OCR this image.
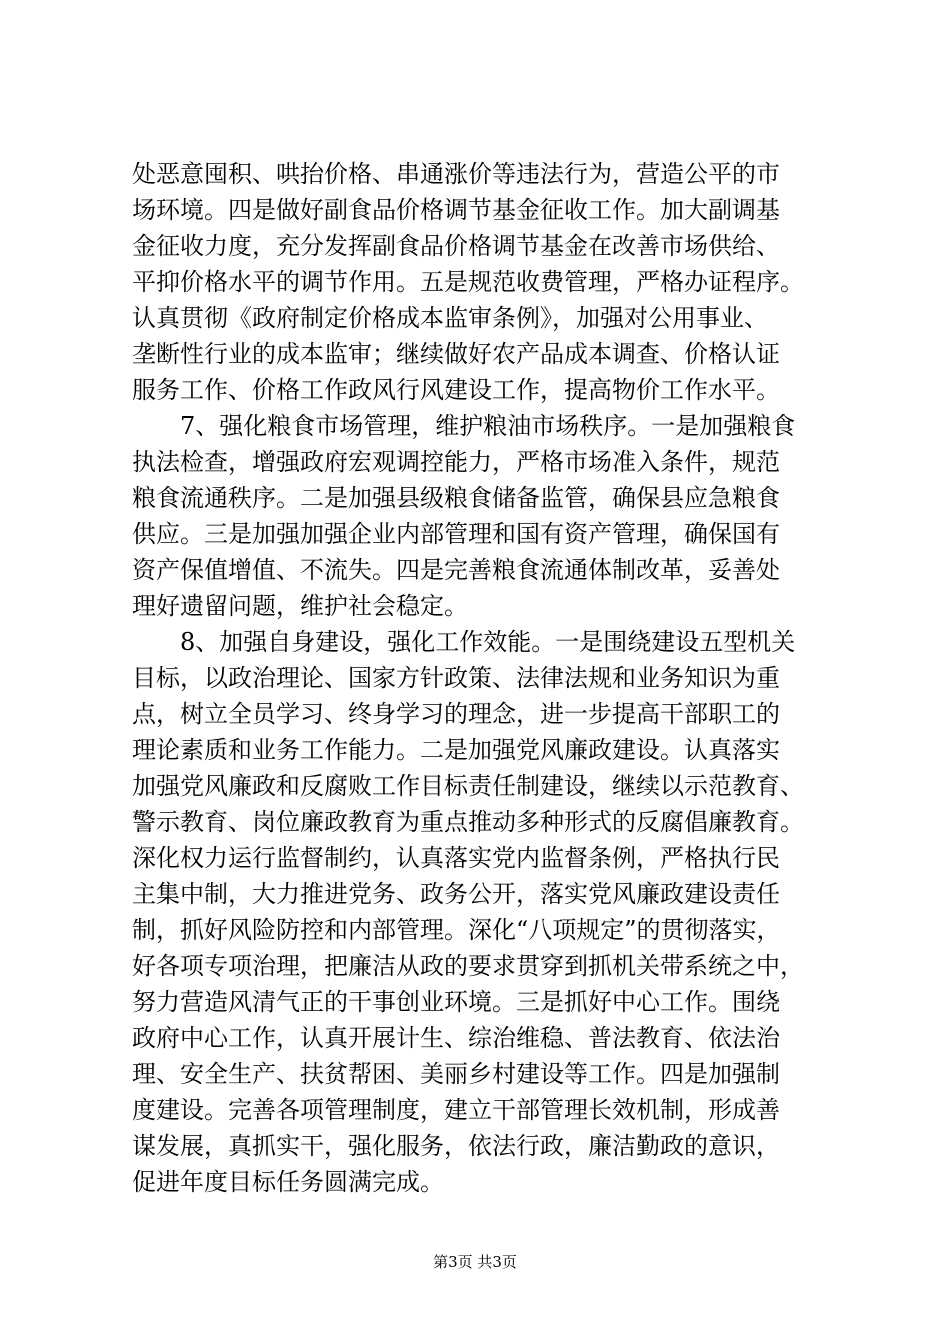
处恶意囤积、哄抬价格、串通涨价等违法行为，营造公平的市
场环境。四是做好副食品价格调节基金征收工作。加大副调基
金征收力度，充分发挥副食品价格调节基金在改善市场供给、
平抑价格水平的调节作用。五是规范收费管理，严格办证程序。
认真贯彻《政府制定价格成本监审条例》，加强对公用事业、
垄断性行业的成本监审；继续做好农产品成本调查、价格认证
服务工作、价格工作政风行风建设工作，提高物价工作水平。
　　7、强化粮食市场管理，维护粮油市场秩序。一是加强粮食
执法检查，增强政府宏观调控能力，严格市场准入条件，规范
粮食流通秩序。二是加强县级粮食储备监管，确保县应急粮食
供应。三是加强加强企业内部管理和国有资产管理，确保国有
资产保值增值、不流失。四是完善粮食流通体制改革，妥善处
理好遗留问题，维护社会稳定。
　　8、加强自身建设，强化工作效能。一是围绕建设五型机关
目标，以政治理论、国家方针政策、法律法规和业务知识为重
点，树立全员学习、终身学习的理念，进一步提高干部职工的
理论素质和业务工作能力。二是加强党风廉政建设。认真落实
加强党风廉政和反腐败工作目标责任制建设，继续以示范教育、
警示教育、岗位廉政教育为重点推动多种形式的反腐倡廉教育。
深化权力运行监督制约，认真落实党内监督条例，严格执行民
主集中制，大力推进党务、政务公开，落实党风廉政建设责任
制，抓好风险防控和内部管理。深化“八项规定”的贯彻落实，
好各项专项治理，把廉洁从政的要求贯穿到抓机关带系统之中，
努力营造风清气正的干事创业环境。三是抓好中心工作。围绕
政府中心工作，认真开展计生、综治维稳、普法教育、依法治
理、安全生产、扶贫帮困、美丽乡村建设等工作。四是加强制
度建设。完善各项管理制度，建立干部管理长效机制，形成善
谋发展，真抓实干，强化服务，依法行政，廉洁勤政的意识，
促进年度目标任务圆满完成。
第3页 共3页
